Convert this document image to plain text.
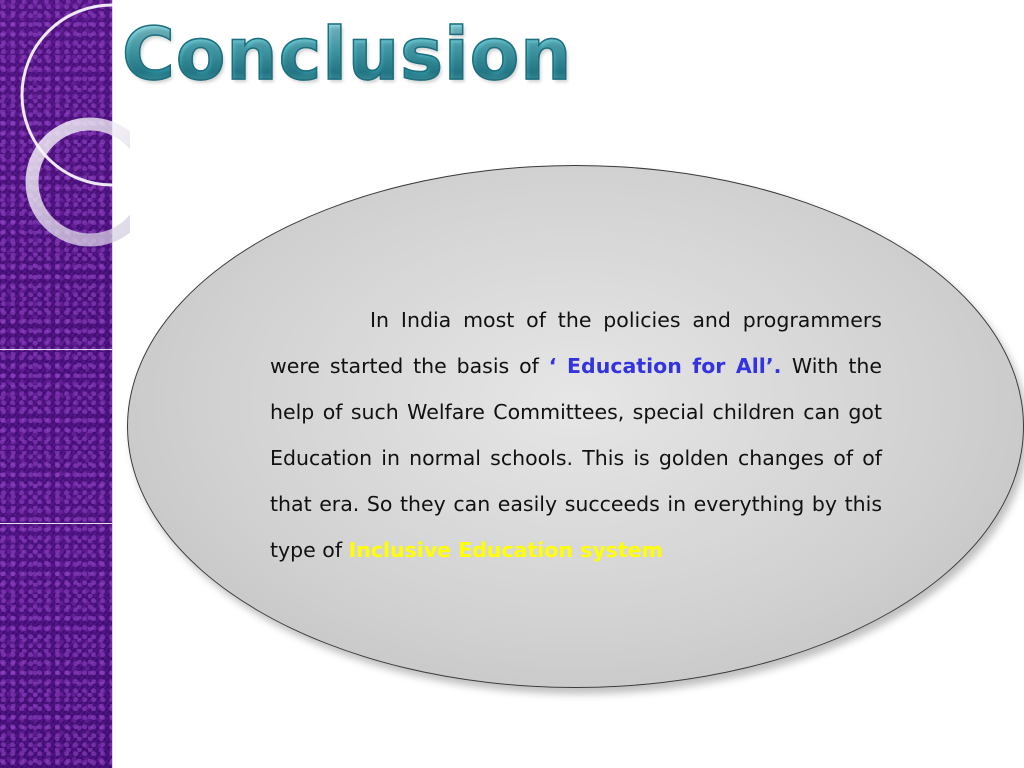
Conclusion

In India most of the policies and programmers were started the basis of ‘ Education for All’. With the help of such Welfare Committees, special children can got Education in normal schools. This is golden changes of of that era. So they can easily succeeds in everything by this type of Inclusive Education system
